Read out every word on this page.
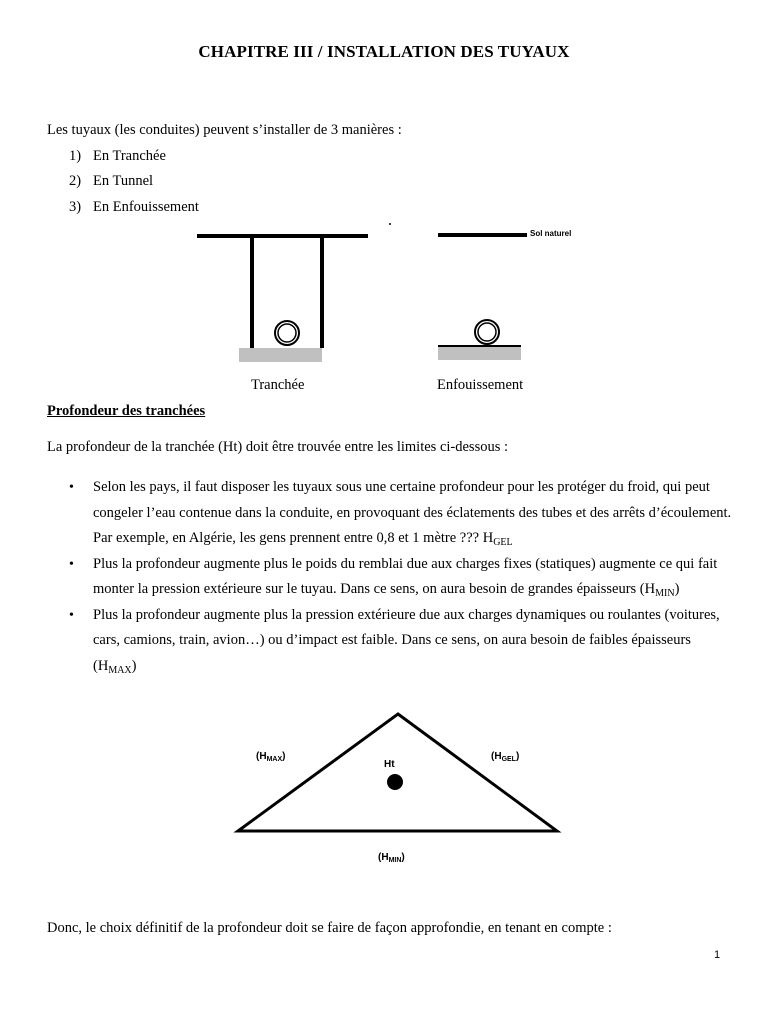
CHAPITRE III / INSTALLATION DES TUYAUX
Les tuyaux (les conduites) peuvent s’installer de 3 manières :
1) En Tranchée
2) En Tunnel
3) En Enfouissement
Sol naturel
Tranchée	Enfouissement
Profondeur des tranchées
La profondeur de la tranchée (Ht) doit être trouvée entre les limites ci-dessous :
• Selon les pays, il faut disposer les tuyaux sous une certaine profondeur pour les protéger du froid, qui peut congeler l’eau contenue dans la conduite, en provoquant des éclatements des tubes et des arrêts d’écoulement. Par exemple, en Algérie, les gens prennent entre 0,8 et 1 mètre ??? $H_{GEL}$
• Plus la profondeur augmente plus le poids du remblai due aux charges fixes (statiques) augmente ce qui fait monter la pression extérieure sur le tuyau. Dans ce sens, on aura besoin de grandes épaisseurs $(H_{MIN})$
• Plus la profondeur augmente plus la pression extérieure due aux charges dynamiques ou roulantes (voitures, cars, camions, train, avion…) ou d’impact est faible. Dans ce sens, on aura besoin de faibles épaisseurs $(H_{MAX})$
Ht
$(H_{MAX})$	$(H_{GEL})$
$(H_{MIN})$
Donc, le choix définitif de la profondeur doit se faire de façon approfondie, en tenant en compte :
1
